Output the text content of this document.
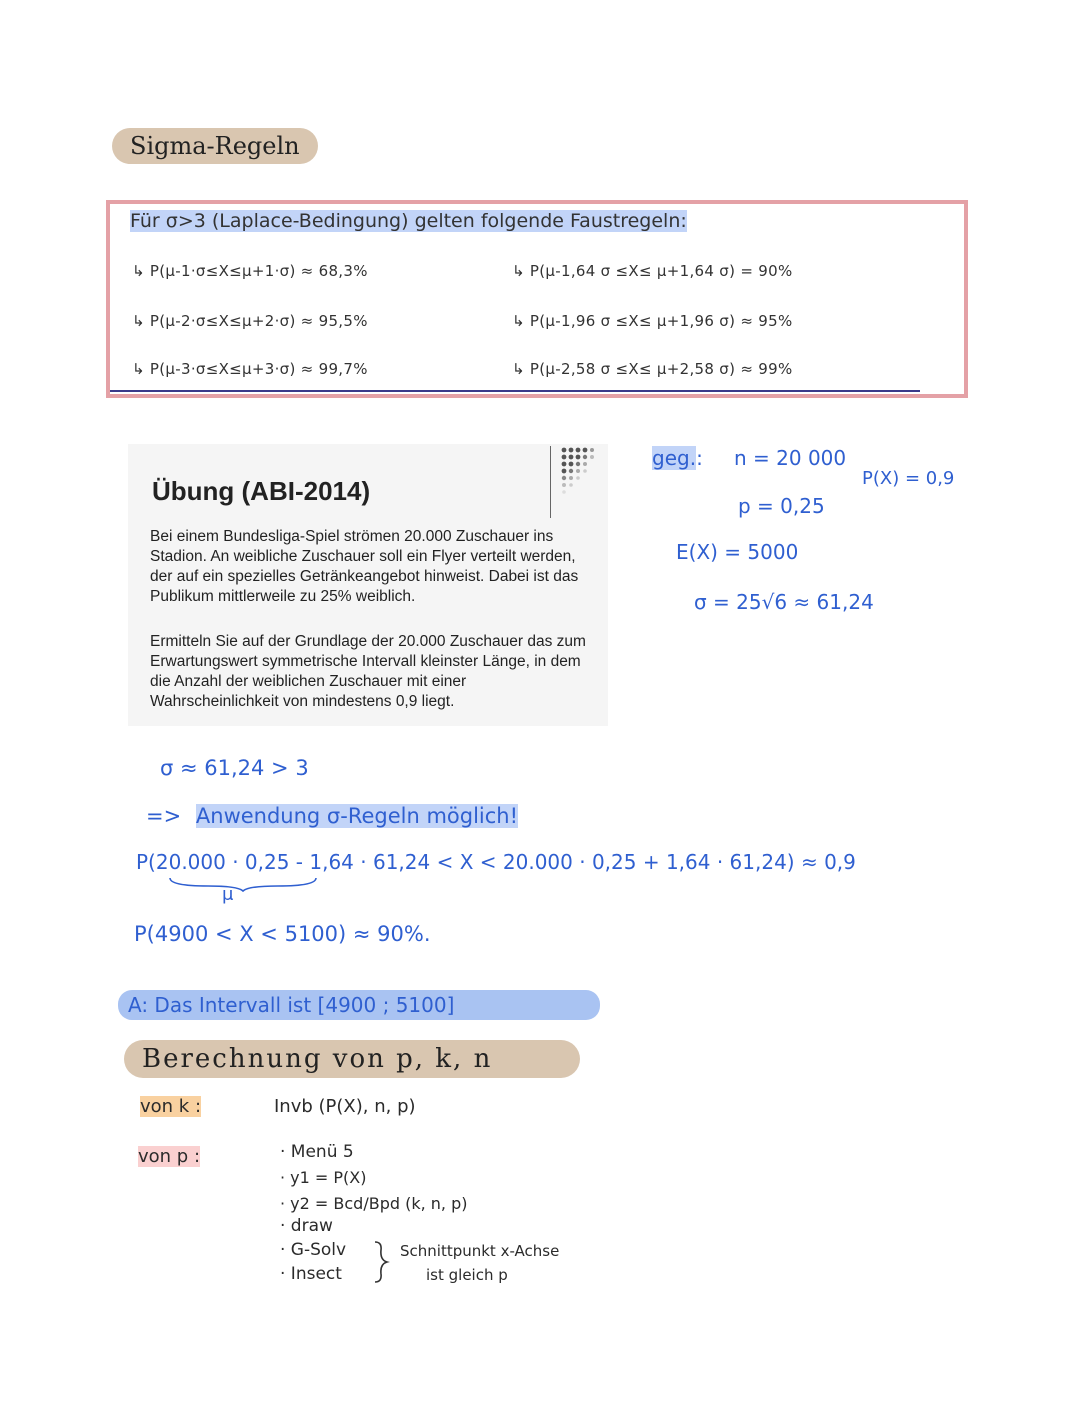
Sigma-Regeln
Für σ>3 (Laplace-Bedingung) gelten folgende Faustregeln:
↳ P(μ-1·σ≤X≤μ+1·σ) ≈ 68,3%
↳ P(μ-2·σ≤X≤μ+2·σ) ≈ 95,5%
↳ P(μ-3·σ≤X≤μ+3·σ) ≈ 99,7%
↳ P(μ-1,64 σ ≤X≤ μ+1,64 σ) = 90%
↳ P(μ-1,96 σ ≤X≤ μ+1,96 σ) ≈ 95%
↳ P(μ-2,58 σ ≤X≤ μ+2,58 σ) ≈ 99%
Übung (ABI-2014)

Bei einem Bundesliga-Spiel strömen 20.000 Zuschauer ins Stadion. An weibliche Zuschauer soll ein Flyer verteilt werden, der auf ein spezielles Getränkeangebot hinweist. Dabei ist das Publikum mittlerweile zu 25% weiblich.

Ermitteln Sie auf der Grundlage der 20.000 Zuschauer das zum Erwartungswert symmetrische Intervall kleinster Länge, in dem die Anzahl der weiblichen Zuschauer mit einer Wahrscheinlichkeit von mindestens 0,9 liegt.

geg.: n = 20 000
P(X) = 0,9
p = 0,25
E(X) = 5000
σ = 25√6 ≈ 61,24
σ ≈ 61,24 > 3
=> Anwendung σ-Regeln möglich!
P(20.000 · 0,25 - 1,64 · 61,24 < X < 20.000 · 0,25 + 1,64 · 61,24) ≈ 0,9
μ
P(4900 < X < 5100) ≈ 90%.
A: Das Intervall ist [4900 ; 5100]
Berechnung von p, k, n
von k :	Invb (P(X), n, p)
von p :	· Menü 5
· y1 = P(X)
· y2 = Bcd/Bpd (k, n, p)
· draw
· G-Solv
· Insect
Schnittpunkt x-Achse
ist gleich p
